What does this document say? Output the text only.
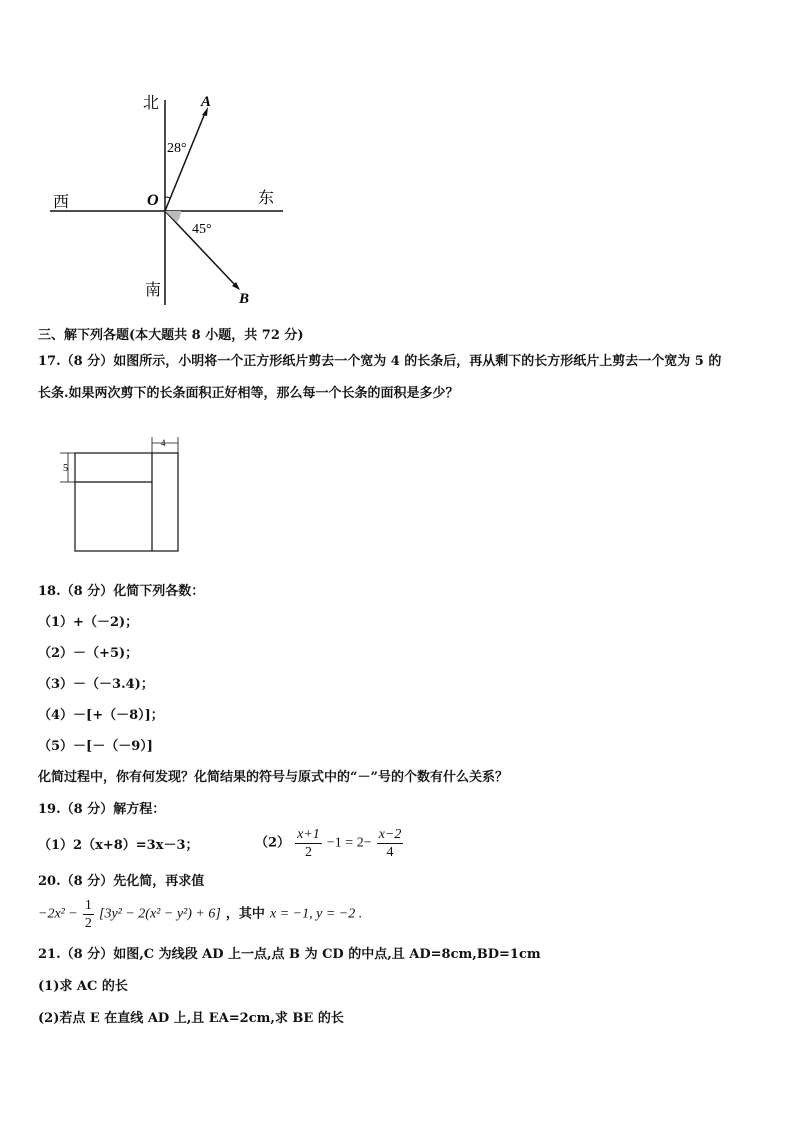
北
南
东
西	O
A
B
28°
45°
三、解下列各题(本大题共 8 小题，共 72 分)
17.（8 分）如图所示，小明将一个正方形纸片剪去一个宽为 4 的长条后，再从剩下的长方形纸片上剪去一个宽为 5 的
长条.如果两次剪下的长条面积正好相等，那么每一个长条的面积是多少？
4
5
18.（8 分）化简下列各数：
（1）+（－2)；
（2）－（+5)；
（3）－（－3.4)；
（4）－[+（－8）]；
（5）－[－（－9）]
化简过程中，你有何发现？化简结果的符号与原式中的“－”号的个数有什么关系？
19.（8 分）解方程：
（1）2（x+8）=3x－3；	$(2) \frac{x+1}{2} -1 = 2- \frac{x-2}{4}$
20.（8 分）先化简，再求值
$-2x^2 - \frac{1}{2} [3y^2 - 2(x^2 - y^2) + 6]$ ，其中 x = −1, y = −2 .
21.（8 分）如图,C 为线段 AD 上一点,点 B 为 CD 的中点,且 AD=8cm,BD=1cm
(1)求 AC 的长
(2)若点 E 在直线 AD 上,且 EA=2cm,求 BE 的长
